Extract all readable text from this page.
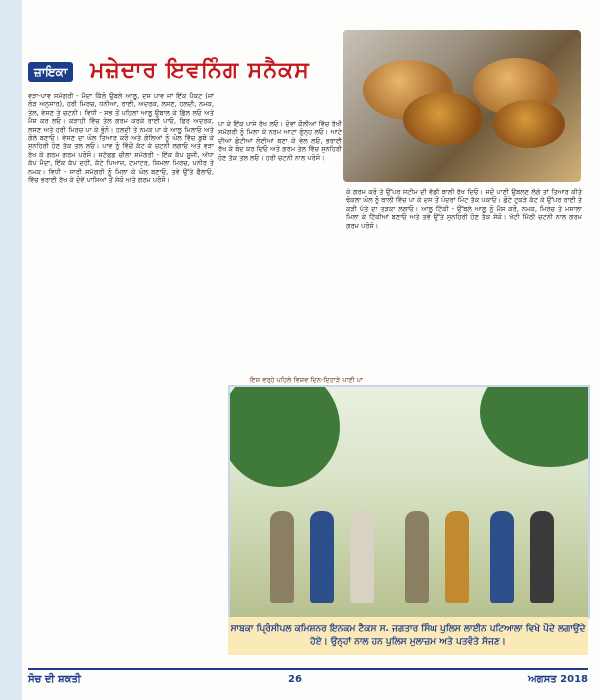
ਜ਼ਾਇਕਾ ਮਜ਼ੇਦਾਰ ਇਵਨਿੰਗ ਸਨੈਕਸ
ਵੜਾ-ਪਾਵ ਸਮੱਗਰੀ - ਮੈਦਾ ਕਿੱਲੋ ਉਬਲੇ ਆਲੂ, ਦਸ ਪਾਵ ਜਾਂ ਇੱਕ ਪੈਕਟ (ਜਾਂ ਲੋੜ ਅਨੁਸਾਰ), ਹਰੀ ਮਿਰਚ, ਧਨੀਆ, ਰਾਈ, ਅਦਰਕ, ਲਸਣ, ਹਲਦੀ, ਨਮਕ, ਤੇਲ, ਵੇਸਣ ਤੇ ਚਟਨੀ। ਵਿਧੀ - ਸਭ ਤੋਂ ਪਹਿਲਾਂ ਆਲੂ ਉਬਾਲ ਕੇ ਛਿੱਲ ਲਓ ਅਤੇ ਮੈਸ਼ ਕਰ ਲਓ। ਕੜਾਹੀ ਵਿੱਚ ਤੇਲ ਗਰਮ ਕਰਕੇ ਰਾਈ ਪਾਓ, ਫਿਰ ਅਦਰਕ, ਲਸਣ ਅਤੇ ਹਰੀ ਮਿਰਚ ਪਾ ਕੇ ਭੁੰਨੋ। ਹਲਦੀ ਤੇ ਨਮਕ ਪਾ ਕੇ ਆਲੂ ਮਿਲਾਓ ਅਤੇ ਗੋਲੇ ਬਣਾਓ। ਵੇਸਣ ਦਾ ਘੋਲ ਤਿਆਰ ਕਰੋ ਅਤੇ ਗੋਲਿਆਂ ਨੂੰ ਘੋਲ ਵਿੱਚ ਡੁਬੋ ਕੇ ਸੁਨਹਿਰੀ ਹੋਣ ਤੱਕ ਤਲ ਲਓ। ਪਾਵ ਨੂੰ ਵਿੱਚੋਂ ਕੱਟ ਕੇ ਚਟਨੀ ਲਗਾਓ ਅਤੇ ਵੜਾ ਰੱਖ ਕੇ ਗਰਮ ਗਰਮ ਪਰੋਸੋ। ਸਟੱਫਡ ਚੀਲਾ ਸਮੱਗਰੀ - ਇੱਕ ਕੱਪ ਸੂਜੀ, ਅੱਧਾ ਕੱਪ ਮੈਦਾ, ਇੱਕ ਕੱਪ ਦਹੀਂ, ਕੱਟੇ ਪਿਆਜ਼, ਟਮਾਟਰ, ਸ਼ਿਮਲਾ ਮਿਰਚ, ਪਨੀਰ ਤੇ ਨਮਕ। ਵਿਧੀ - ਸਾਰੀ ਸਮੱਗਰੀ ਨੂੰ ਮਿਲਾ ਕੇ ਘੋਲ ਬਣਾਓ, ਤਵੇ ਉੱਤੇ ਫੈਲਾਓ, ਵਿੱਚ ਭਰਾਈ ਰੱਖ ਕੇ ਦੋਵੇਂ ਪਾਸਿਆਂ ਤੋਂ ਸੇਕੋ ਅਤੇ ਗਰਮ ਪਰੋਸੋ।
ਪਾ ਕੇ ਇੱਕ ਪਾਸੇ ਰੱਖ ਲਓ। ਦੋਵਾਂ ਕੌਲੀਆਂ ਵਿੱਚ ਰੱਖੀ ਸਮੱਗਰੀ ਨੂੰ ਮਿਲਾ ਕੇ ਨਰਮ ਆਟਾ ਗੁੰਨ੍ਹ ਲਓ। ਆਟੇ ਦੀਆਂ ਛੋਟੀਆਂ ਲੋਈਆਂ ਬਣਾ ਕੇ ਵੇਲ ਲਓ, ਭਰਾਈ ਰੱਖ ਕੇ ਬੰਦ ਕਰ ਦਿਓ ਅਤੇ ਗਰਮ ਤੇਲ ਵਿੱਚ ਸੁਨਹਿਰੀ ਹੋਣ ਤੱਕ ਤਲ ਲਓ। ਹਰੀ ਚਟਨੀ ਨਾਲ ਪਰੋਸੋ।
ਕੇ ਗਰਮ ਕਰੋ ਤੇ ਉੱਪਰ ਸਟੀਮ ਦੀ ਵੱਡੀ ਥਾਲੀ ਰੱਖ ਦਿਓ। ਜਦੋਂ ਪਾਣੀ ਉਬਲਣ ਲੱਗੇ ਤਾਂ ਤਿਆਰ ਕੀਤੇ ਢੋਕਲਾ ਘੋਲ ਨੂੰ ਥਾਲੀ ਵਿੱਚ ਪਾ ਕੇ ਦਸ ਤੋਂ ਪੰਦਰਾਂ ਮਿੰਟ ਤੱਕ ਪਕਾਓ। ਛੋਟੇ ਟੁਕੜੇ ਕੱਟ ਕੇ ਉੱਪਰ ਰਾਈ ਤੇ ਕੜੀ ਪੱਤੇ ਦਾ ਤੜਕਾ ਲਗਾਓ। ਆਲੂ ਟਿੱਕੀ - ਉੱਬਲੇ ਆਲੂ ਨੂੰ ਮੈਸ਼ ਕਰੋ, ਨਮਕ, ਮਿਰਚ ਤੇ ਮਸਾਲਾ ਮਿਲਾ ਕੇ ਟਿੱਕੀਆਂ ਬਣਾਓ ਅਤੇ ਤਵੇ ਉੱਤੇ ਸੁਨਹਿਰੀ ਹੋਣ ਤੱਕ ਸੇਕੋ। ਖੱਟੀ ਮਿੱਠੀ ਚਟਨੀ ਨਾਲ ਗਰਮ ਗਰਮ ਪਰੋਸੋ।
ਇਸ ਵਰ੍ਹੇ ਪਹਿਲੇ ਵਿਸ਼ਵ ਦਿਨ-ਦਿਹਾੜੇ ਪਾਣੀ ਪਾ
ਸਾਬਕਾ ਪ੍ਰਿੰਸੀਪਲ ਕਮਿਸ਼ਨਰ ਇਨਕਮ ਟੈਕਸ ਸ. ਜਗਤਾਰ ਸਿੰਘ ਪੁਲਿਸ ਲਾਈਨ ਪਟਿਆਲਾ ਵਿਖੇ ਪੌਦੇ ਲਗਾਉਂਦੇ ਹੋਏ। ਉਨ੍ਹਾਂ ਨਾਲ ਹਨ ਪੁਲਿਸ ਮੁਲਾਜ਼ਮ ਅਤੇ ਪਤਵੰਤੇ ਸੱਜਣ।
ਸੋਚ ਦੀ ਸ਼ਕਤੀ	26	ਅਗਸਤ 2018
